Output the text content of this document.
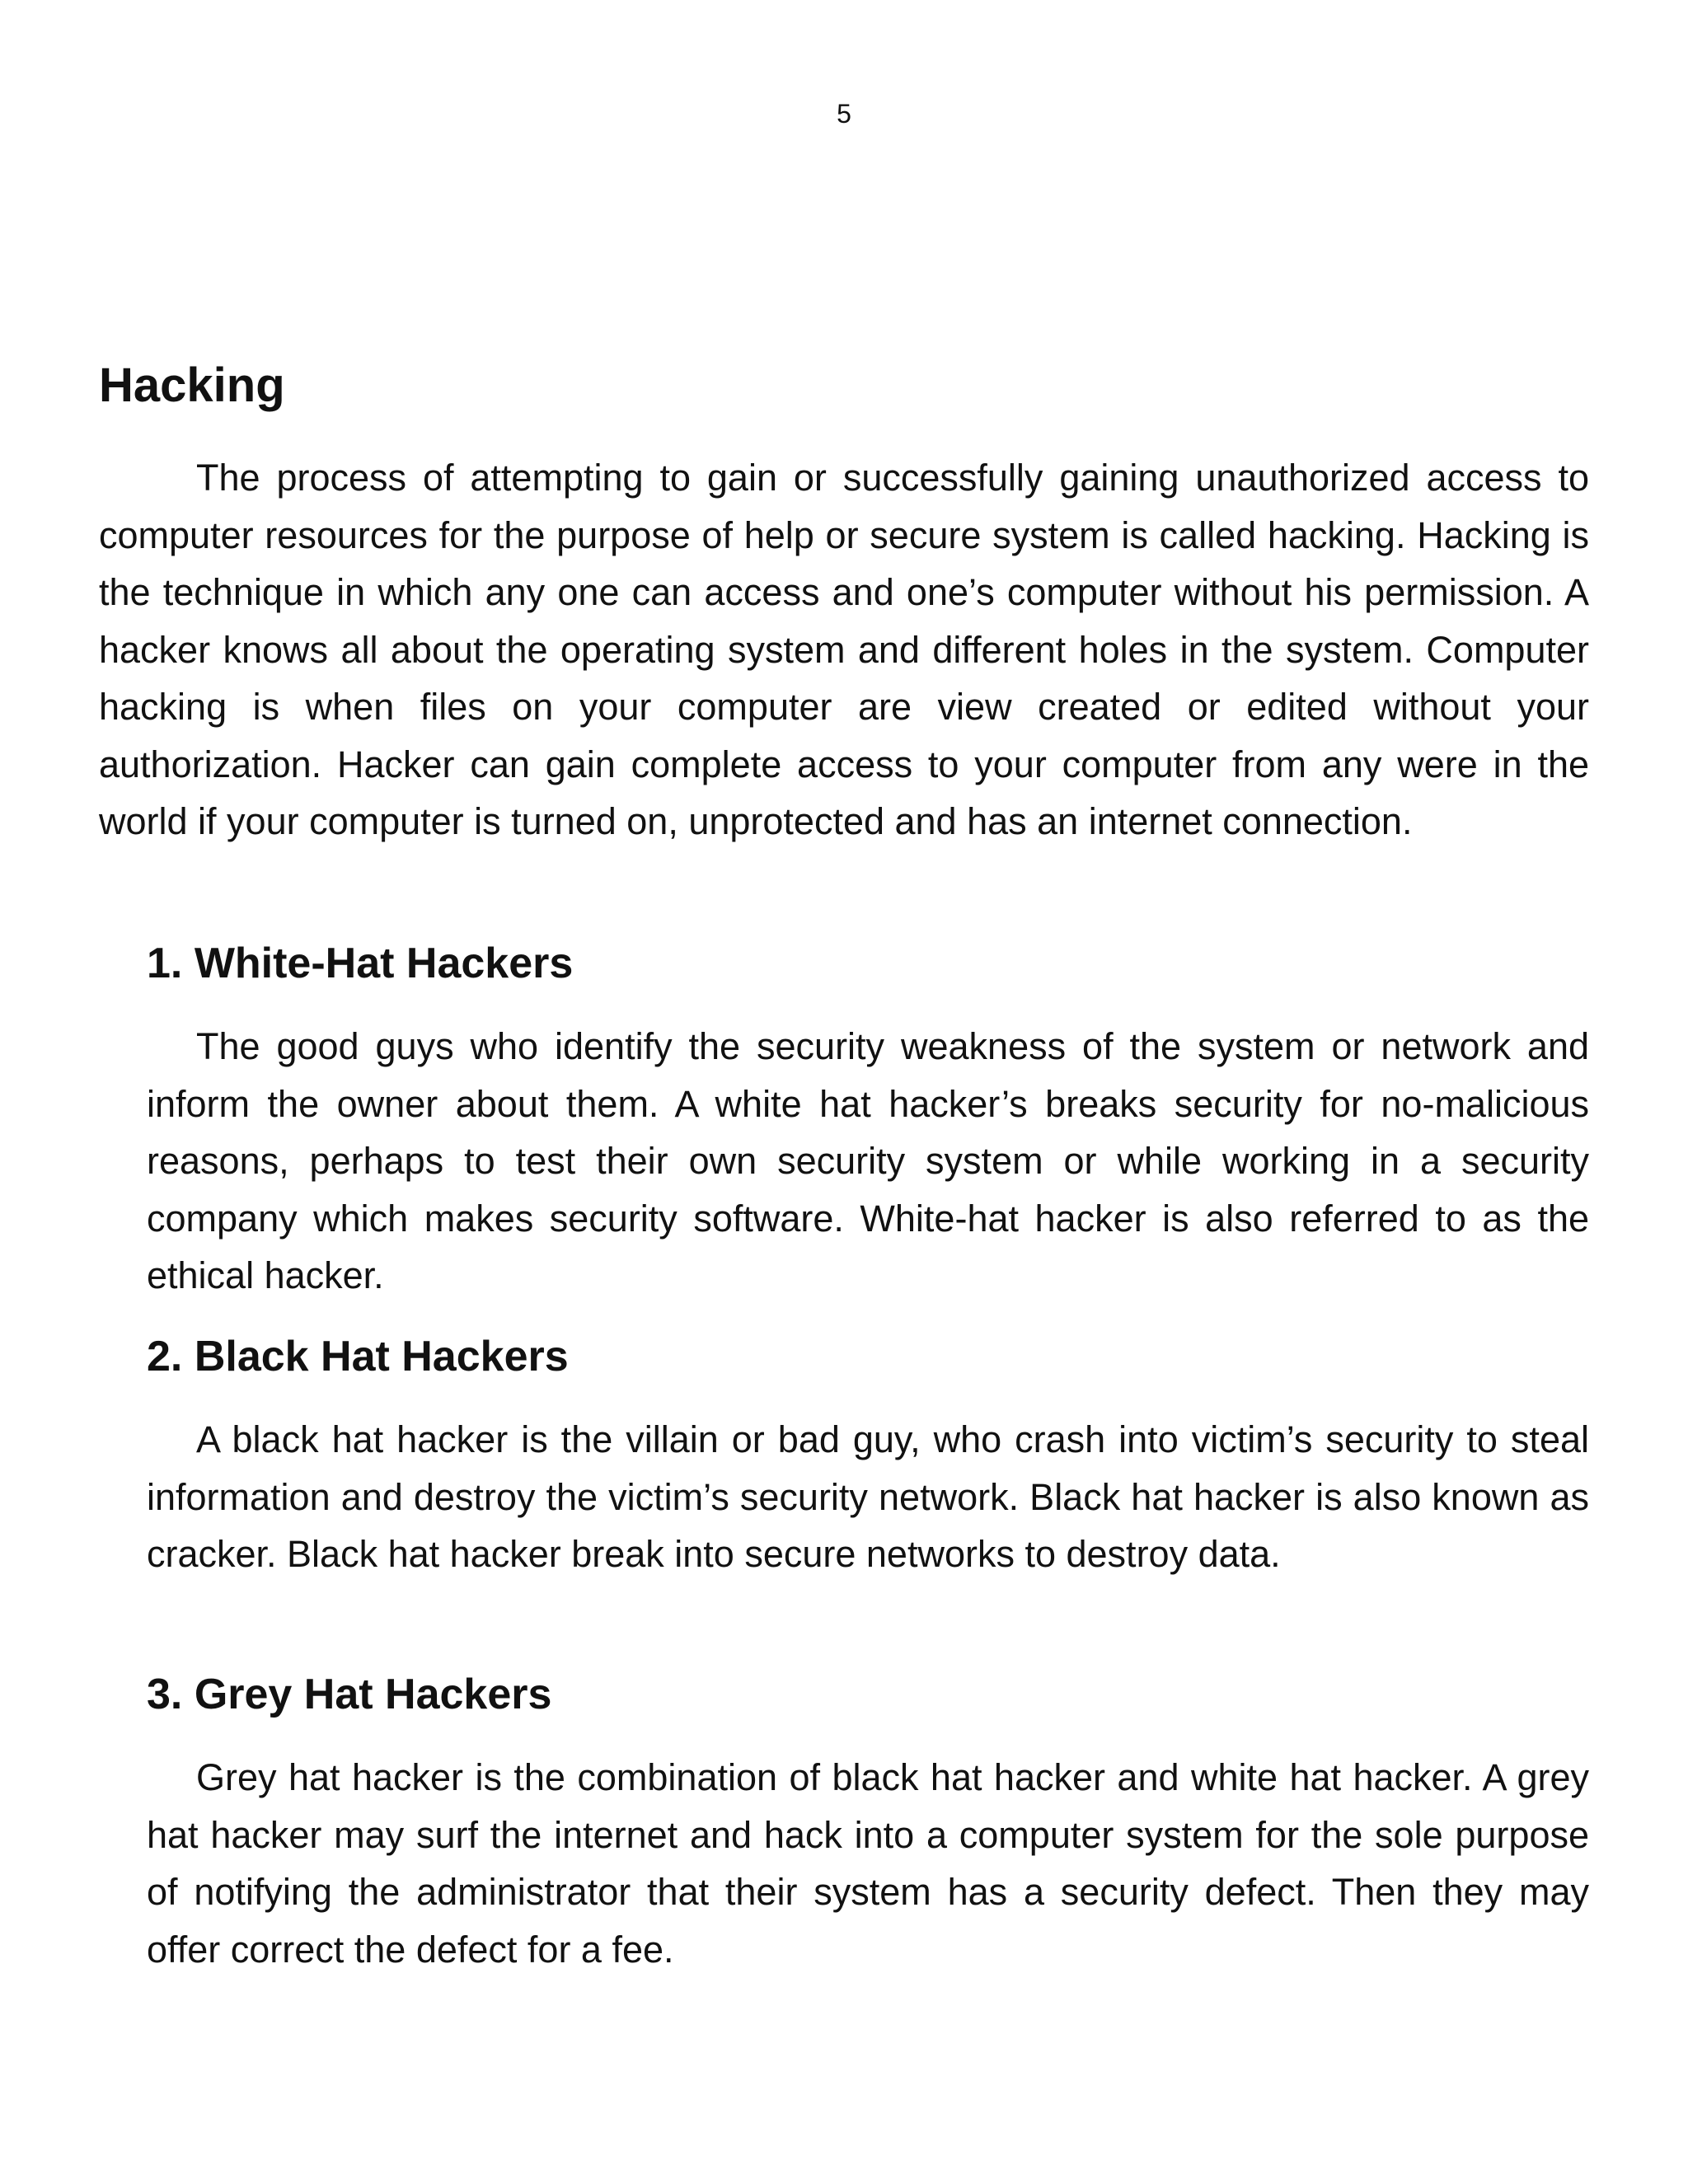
5
Hacking

The process of attempting to gain or successfully gaining unauthorized access to computer resources for the purpose of help or secure system is called hacking. Hacking is the technique in which any one can access and one’s computer without his permission. A hacker knows all about the operating system and different holes in the system. Computer hacking is when files on your computer are view created or edited without your authorization. Hacker can gain complete access to your computer from any were in the world if your computer is turned on, unprotected and has an internet connection.

1. White-Hat Hackers

The good guys who identify the security weakness of the system or network and inform the owner about them. A white hat hacker’s breaks security for no-malicious reasons, perhaps to test their own security system or while working in a security company which makes security software. White-hat hacker is also referred to as the ethical hacker.

2. Black Hat Hackers

A black hat hacker is the villain or bad guy, who crash into victim’s security to steal information and destroy the victim’s security network. Black hat hacker is also known as cracker. Black hat hacker break into secure networks to destroy data.

3. Grey Hat Hackers

Grey hat hacker is the combination of black hat hacker and white hat hacker. A grey hat hacker may surf the internet and hack into a computer system for the sole purpose of notifying the administrator that their system has a security defect. Then they may offer correct the defect for a fee.
